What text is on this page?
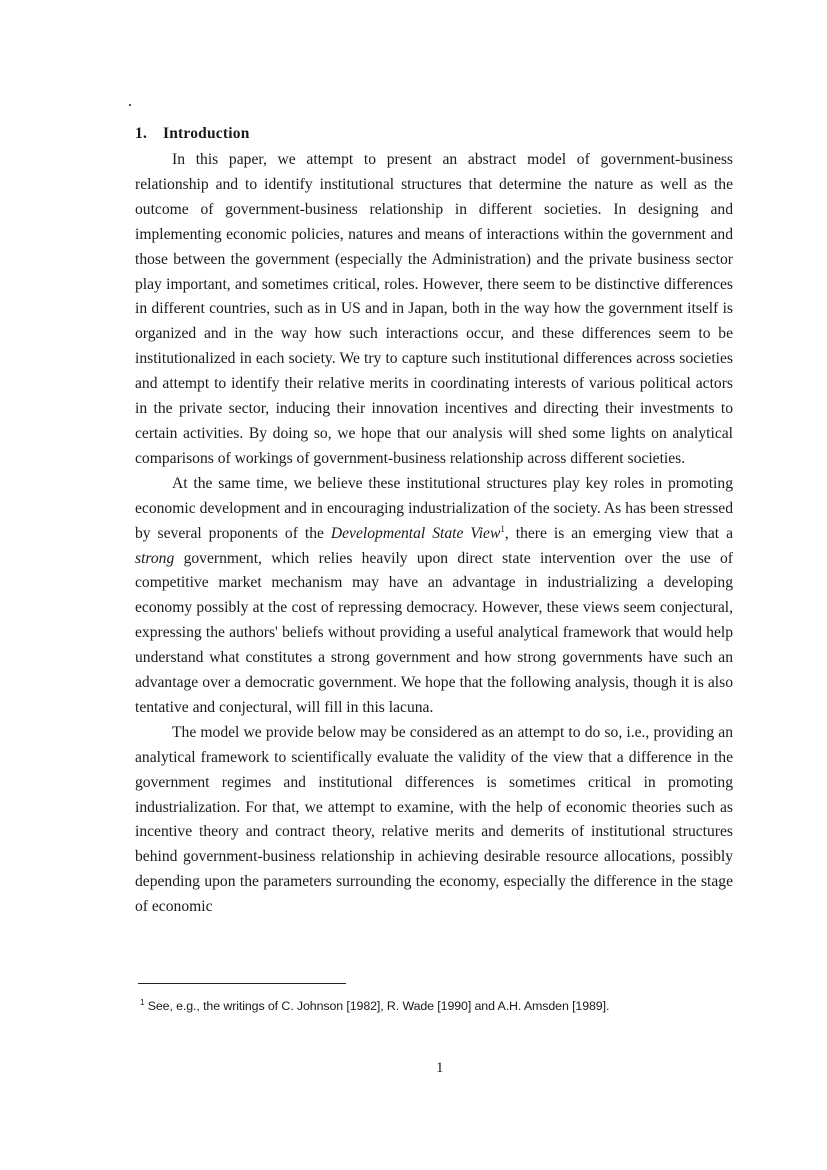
1. Introduction

In this paper, we attempt to present an abstract model of government-business relationship and to identify institutional structures that determine the nature as well as the outcome of government-business relationship in different societies. In designing and implementing economic policies, natures and means of interactions within the government and those between the government (especially the Administration) and the private business sector play important, and sometimes critical, roles. However, there seem to be distinctive differences in different countries, such as in US and in Japan, both in the way how the government itself is organized and in the way how such interactions occur, and these differences seem to be institutionalized in each society. We try to capture such institutional differences across societies and attempt to identify their relative merits in coordinating interests of various political actors in the private sector, inducing their innovation incentives and directing their investments to certain activities. By doing so, we hope that our analysis will shed some lights on analytical comparisons of workings of government-business relationship across different societies.

At the same time, we believe these institutional structures play key roles in promoting economic development and in encouraging industrialization of the society. As has been stressed by several proponents of the Developmental State View$^1$, there is an emerging view that a strong government, which relies heavily upon direct state intervention over the use of competitive market mechanism may have an advantage in industrializing a developing economy possibly at the cost of repressing democracy. However, these views seem conjectural, expressing the authors' beliefs without providing a useful analytical framework that would help understand what constitutes a strong government and how strong governments have such an advantage over a democratic government. We hope that the following analysis, though it is also tentative and conjectural, will fill in this lacuna.

The model we provide below may be considered as an attempt to do so, i.e., providing an analytical framework to scientifically evaluate the validity of the view that a difference in the government regimes and institutional differences is sometimes critical in promoting industrialization. For that, we attempt to examine, with the help of economic theories such as incentive theory and contract theory, relative merits and demerits of institutional structures behind government-business relationship in achieving desirable resource allocations, possibly depending upon the parameters surrounding the economy, especially the difference in the stage of economic

$^1$ See, e.g., the writings of C. Johnson [1982], R. Wade [1990] and A.H. Amsden [1989].
1
